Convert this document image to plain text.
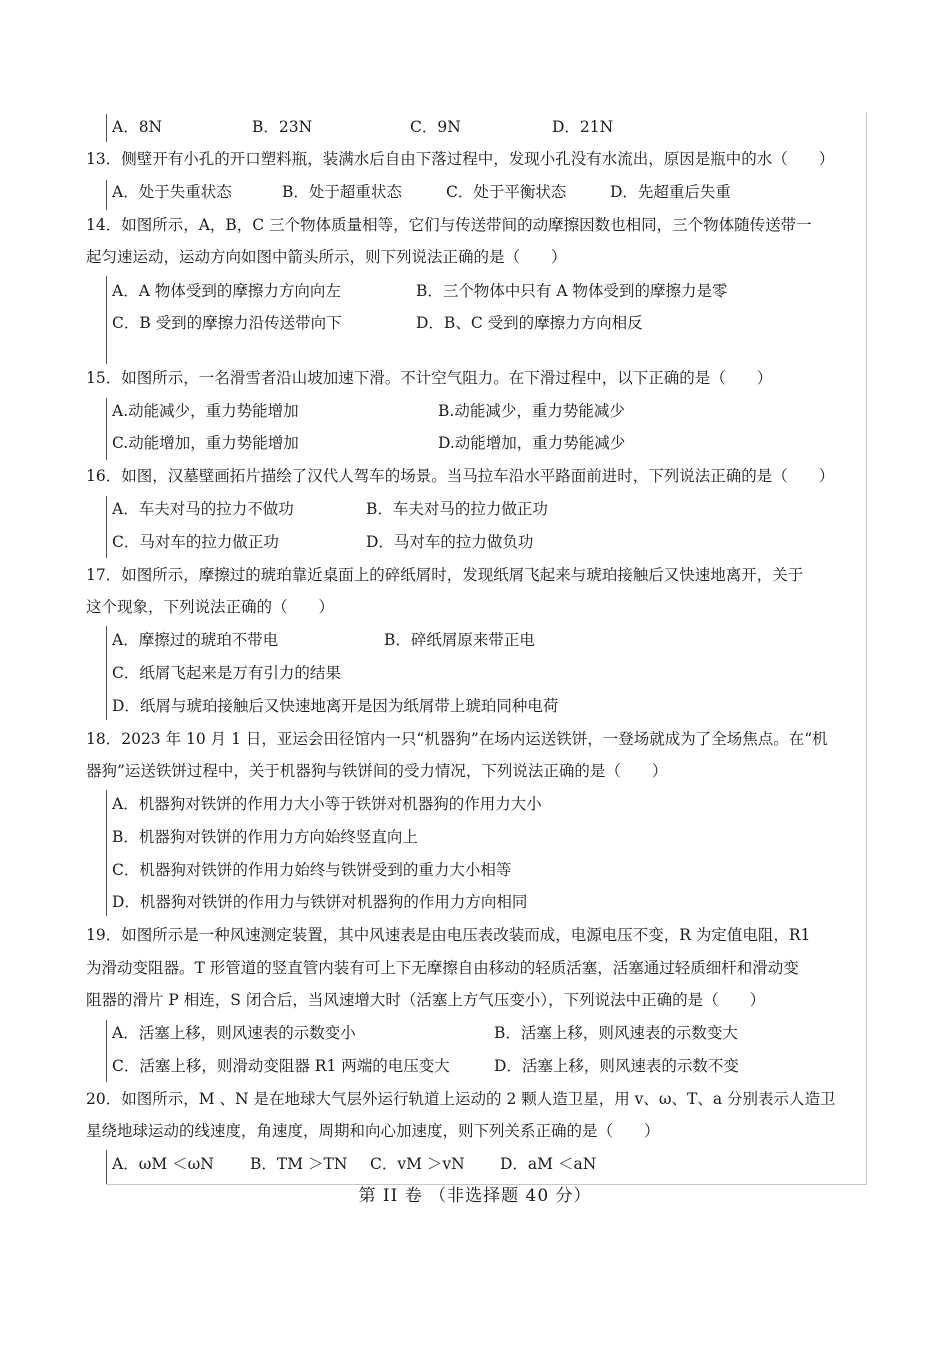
A．8N	B．23N	C．9N	D．21N
13．侧壁开有小孔的开口塑料瓶，装满水后自由下落过程中，发现小孔没有水流出，原因是瓶中的水（　　）
A．处于失重状态	B．处于超重状态	C．处于平衡状态	D．先超重后失重
14．如图所示，A，B，C 三个物体质量相等，它们与传送带间的动摩擦因数也相同，三个物体随传送带一
起匀速运动，运动方向如图中箭头所示，则下列说法正确的是（　　）
A．A 物体受到的摩擦力方向向左	B．三个物体中只有 A 物体受到的摩擦力是零
C．B 受到的摩擦力沿传送带向下	D．B、C 受到的摩擦力方向相反
15．如图所示，一名滑雪者沿山坡加速下滑。不计空气阻力。在下滑过程中，以下正确的是（　　）
A.动能减少，重力势能增加	B.动能减少，重力势能减少
C.动能增加，重力势能增加	D.动能增加，重力势能减少
16．如图，汉墓壁画拓片描绘了汉代人驾车的场景。当马拉车沿水平路面前进时，下列说法正确的是（　　）
A．车夫对马的拉力不做功	B．车夫对马的拉力做正功
C．马对车的拉力做正功	D．马对车的拉力做负功
17．如图所示，摩擦过的琥珀靠近桌面上的碎纸屑时，发现纸屑飞起来与琥珀接触后又快速地离开，关于
这个现象，下列说法正确的（　　）
A．摩擦过的琥珀不带电	B．碎纸屑原来带正电
C．纸屑飞起来是万有引力的结果
D．纸屑与琥珀接触后又快速地离开是因为纸屑带上琥珀同种电荷
18．2023 年 10 月 1 日，亚运会田径馆内一只“机器狗”在场内运送铁饼，一登场就成为了全场焦点。在“机
器狗”运送铁饼过程中，关于机器狗与铁饼间的受力情况，下列说法正确的是（　　）
A．机器狗对铁饼的作用力大小等于铁饼对机器狗的作用力大小
B．机器狗对铁饼的作用力方向始终竖直向上
C．机器狗对铁饼的作用力始终与铁饼受到的重力大小相等
D．机器狗对铁饼的作用力与铁饼对机器狗的作用力方向相同
19．如图所示是一种风速测定装置，其中风速表是由电压表改装而成，电源电压不变，R 为定值电阻，R1
为滑动变阻器。T 形管道的竖直管内装有可上下无摩擦自由移动的轻质活塞，活塞通过轻质细杆和滑动变
阻器的滑片 P 相连，S 闭合后，当风速增大时（活塞上方气压变小），下列说法中正确的是（　　）
A．活塞上移，则风速表的示数变小	B．活塞上移，则风速表的示数变大
C．活塞上移，则滑动变阻器 R1 两端的电压变大	D．活塞上移，则风速表的示数不变
20．如图所示，M 、N 是在地球大气层外运行轨道上运动的 2 颗人造卫星，用 v、ω、T、a 分别表示人造卫
星绕地球运动的线速度，角速度，周期和向心加速度，则下列关系正确的是（　　）
A．ωM ＜ωN B．TM ＞TN C．vM ＞vN D．aM ＜aN
第 II 卷 （非选择题 40 分）
